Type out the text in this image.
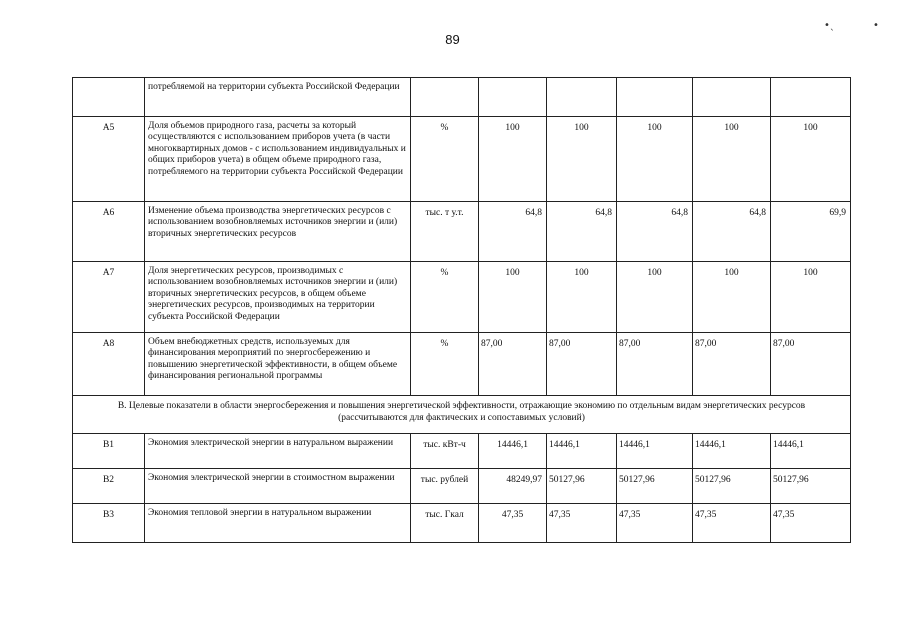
89
•ˎ	•
	потребляемой на территории субъекта Российской Федерации						
А5	Доля объемов природного газа, расчеты за который осуществляются с использованием приборов учета (в части многоквартирных домов - с использованием индивидуальных и общих приборов учета) в общем объеме природного газа, потребляемого на территории субъекта Российской Федерации	%	100	100	100	100	100
А6	Изменение объема производства энергетических ресурсов с использованием возобновляемых источников энергии и (или) вторичных энергетических ресурсов	тыс. т у.т.	64,8	64,8	64,8	64,8	69,9
А7	Доля энергетических ресурсов, производимых с использованием возобновляемых источников энергии и (или) вторичных энергетических ресурсов, в общем объеме энергетических ресурсов, производимых на территории субъекта Российской Федерации	%	100	100	100	100	100
А8	Объем внебюджетных средств, используемых для финансирования мероприятий по энергосбережению и повышению энергетической эффективности, в общем объеме финансирования региональной программы	%	87,00	87,00	87,00	87,00	87,00
В. Целевые показатели в области энергосбережения и повышения энергетической эффективности, отражающие экономию по отдельным видам энергетических ресурсов (рассчитываются для фактических и сопоставимых условий)							
В1	Экономия электрической энергии в натуральном выражении	тыс. кВт-ч	14446,1	14446,1	14446,1	14446,1	14446,1
В2	Экономия электрической энергии в стоимостном выражении	тыс. рублей	48249,97	50127,96	50127,96	50127,96	50127,96
В3	Экономия тепловой энергии в натуральном выражении	тыс. Гкал	47,35	47,35	47,35	47,35	47,35
